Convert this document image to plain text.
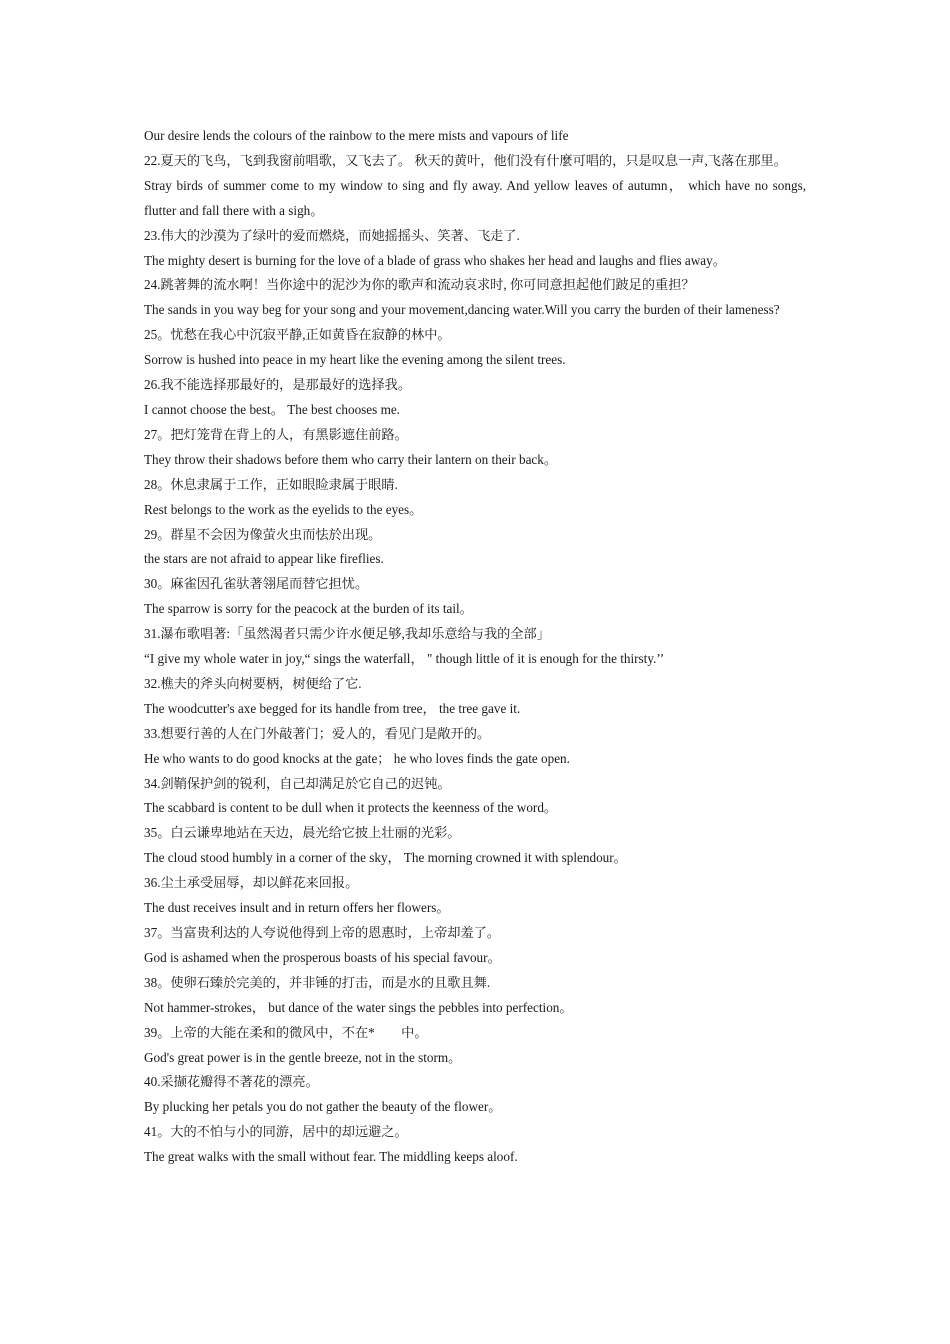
Our desire lends the colours of the rainbow to the mere mists and vapours of life

22.夏天的飞鸟，飞到我窗前唱歌，又飞去了。 秋天的黄叶，他们没有什麼可唱的，只是叹息一声,飞落在那里。

Stray birds of summer come to my window to sing and fly away. And yellow leaves of autumn， which have no songs, flutter and fall there with a sigh。

23.伟大的沙漠为了绿叶的爱而燃烧，而她摇摇头、笑著、飞走了.

The mighty desert is burning for the love of a blade of grass who shakes her head and laughs and flies away。

24.跳著舞的流水啊！当你途中的泥沙为你的歌声和流动哀求时, 你可同意担起他们跛足的重担？

The sands in you way beg for your song and your movement,dancing water.Will you carry the burden of their lameness?

25。忧愁在我心中沉寂平静,正如黄昏在寂静的林中。

Sorrow is hushed into peace in my heart like the evening among the silent trees.

26.我不能选择那最好的，是那最好的选择我。

I cannot choose the best。 The best chooses me.

27。把灯笼背在背上的人，有黑影遮住前路。

They throw their shadows before them who carry their lantern on their back。

28。休息隶属于工作，正如眼睑隶属于眼睛.

Rest belongs to the work as the eyelids to the eyes。

29。群星不会因为像萤火虫而怯於出现。

the stars are not afraid to appear like fireflies.

30。麻雀因孔雀驮著翎尾而替它担忧。

The sparrow is sorry for the peacock at the burden of its tail。

31.瀑布歌唱著:「虽然渴者只需少许水便足够,我却乐意给与我的全部」

“I give my whole water in joy,“ sings the waterfall， " though little of it is enough for the thirsty.’’

32.樵夫的斧头向树要柄，树便给了它.

The woodcutter's axe begged for its handle from tree， the tree gave it.

33.想要行善的人在门外敲著门；爱人的，看见门是敞开的。

He who wants to do good knocks at the gate； he who loves finds the gate open.

34.剑鞘保护剑的锐利，自己却满足於它自己的迟钝。

The scabbard is content to be dull when it protects the keenness of the word。

35。白云谦卑地站在天边，晨光给它披上壮丽的光彩。

The cloud stood humbly in a corner of the sky， The morning crowned it with splendour。

36.尘土承受屈辱，却以鲜花来回报。

The dust receives insult and in return offers her flowers。

37。当富贵利达的人夸说他得到上帝的恩惠时，上帝却羞了。

God is ashamed when the prosperous boasts of his special favour。

38。使卵石臻於完美的，并非锤的打击，而是水的且歌且舞.

Not hammer-strokes， but dance of the water sings the pebbles into perfection。

39。上帝的大能在柔和的微风中，不在*　　中。

God's great power is in the gentle breeze, not in the storm。

40.采撷花瓣得不著花的漂亮。

By plucking her petals you do not gather the beauty of the flower。

41。大的不怕与小的同游，居中的却远避之。

The great walks with the small without fear. The middling keeps aloof.
